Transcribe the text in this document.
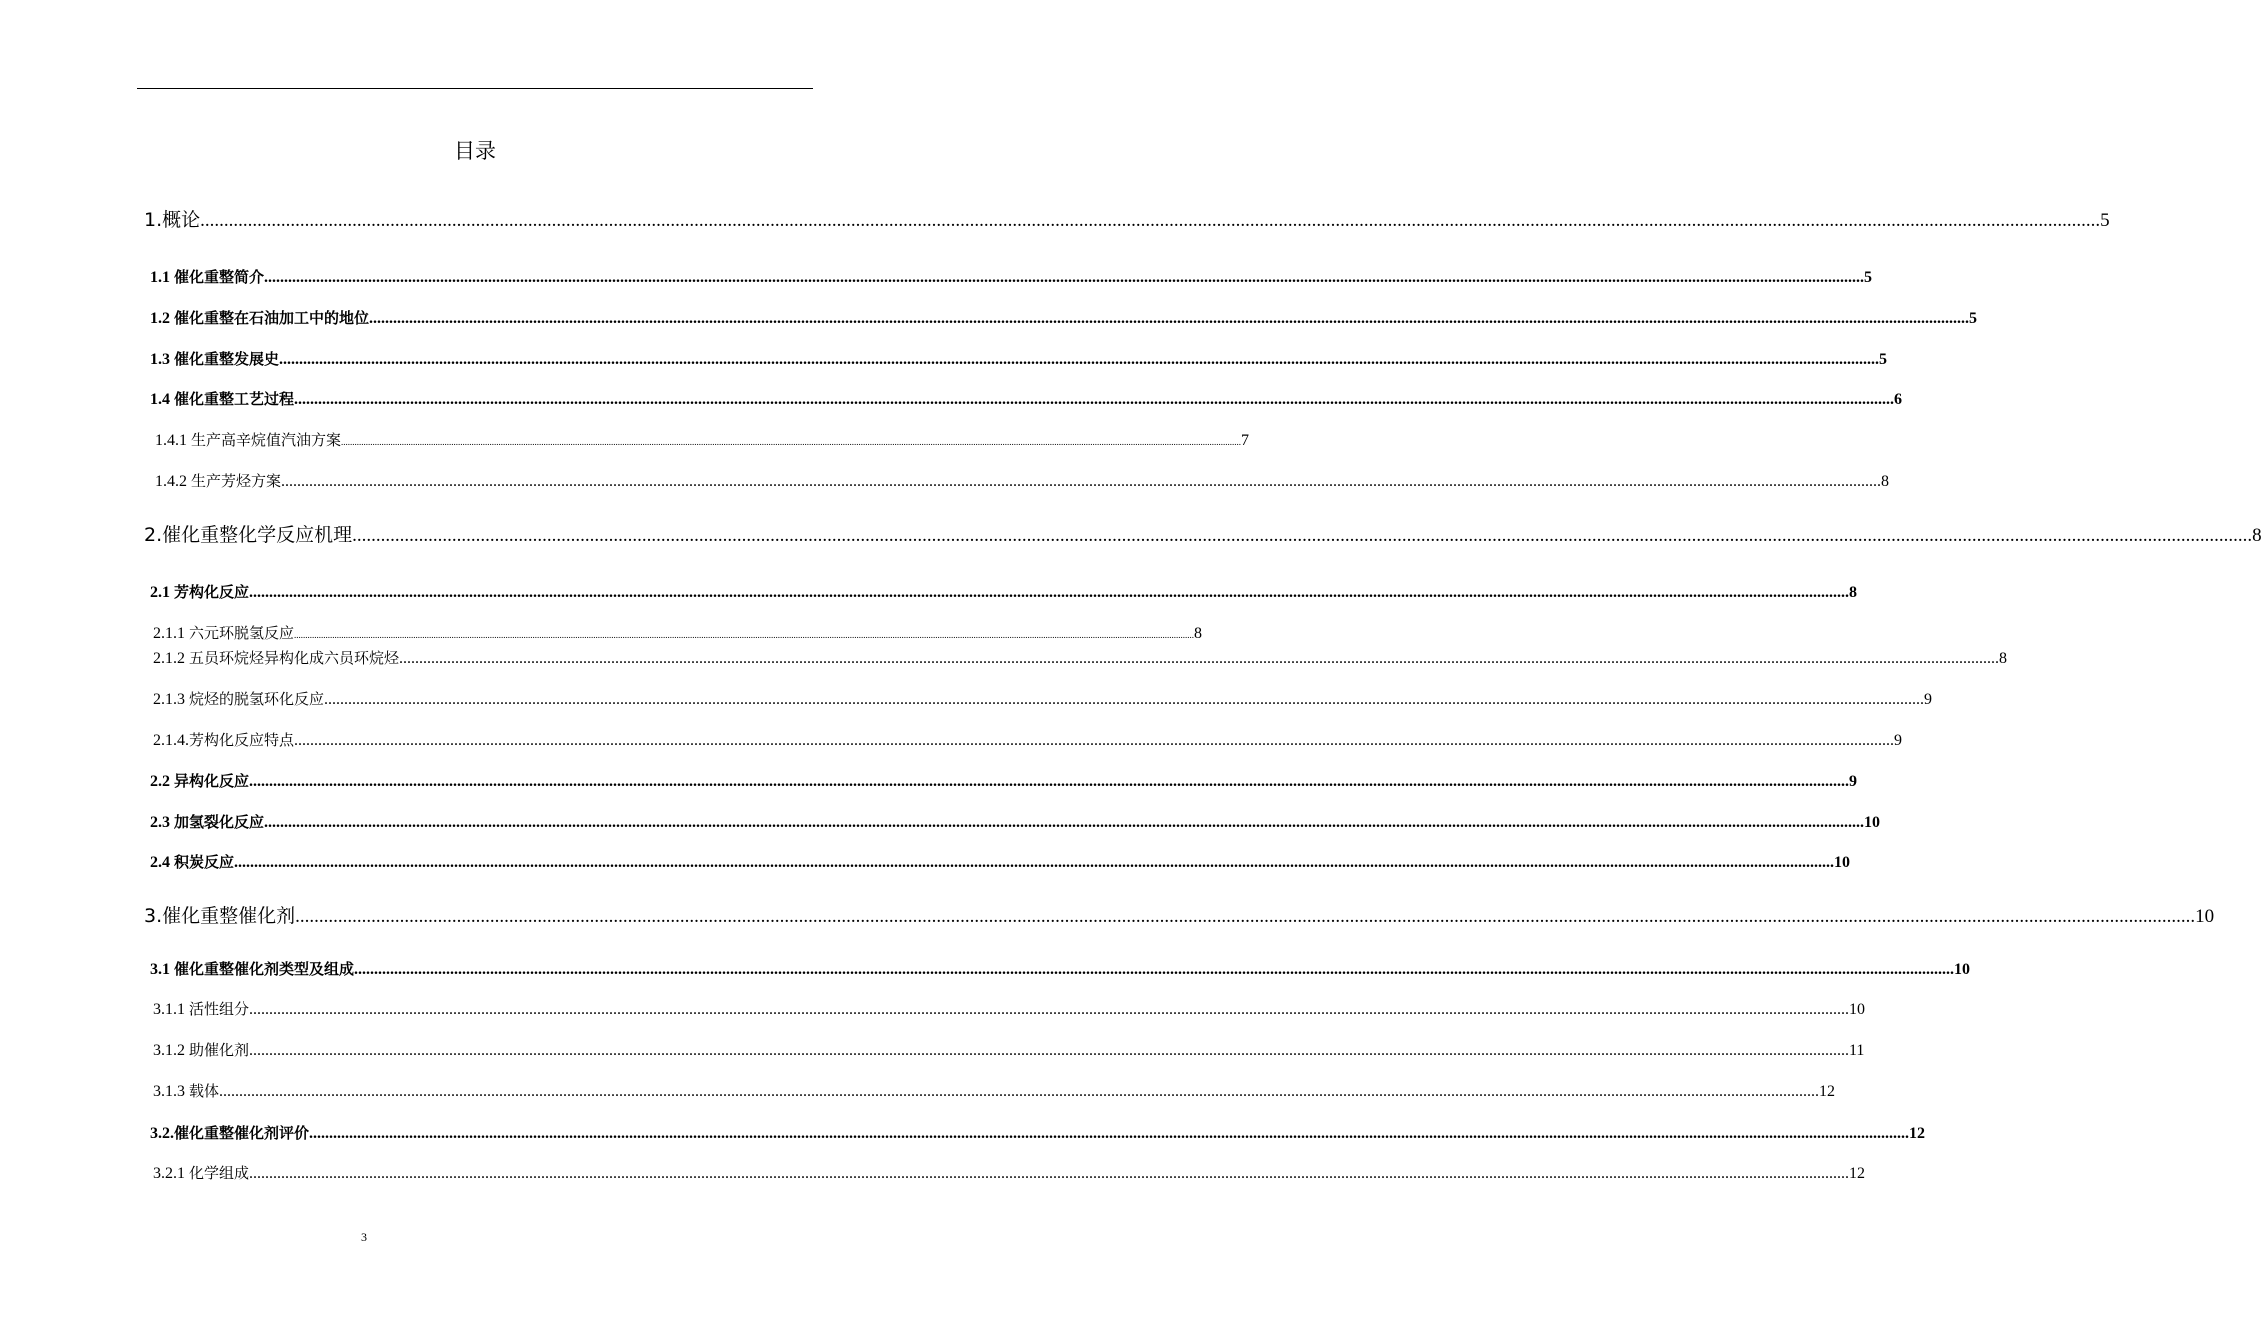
目录
1.概论 ................................................................................................................................................................................................................................................................................................................................................................................................................ 5
1.1 催化重整简介 ................................................................................................................................................................................................................................................................................................................................................................................................................ 5
1.2 催化重整在石油加工中的地位 ................................................................................................................................................................................................................................................................................................................................................................................................................ 5
1.3 催化重整发展史 ................................................................................................................................................................................................................................................................................................................................................................................................................ 5
1.4 催化重整工艺过程 ................................................................................................................................................................................................................................................................................................................................................................................................................ 6
1.4.1 生产高辛烷值汽油方案 ................................................................................................................................................................................................................................................................................................................................................................................................................ 7
1.4.2 生产芳烃方案 ................................................................................................................................................................................................................................................................................................................................................................................................................ 8
2.催化重整化学反应机理 ................................................................................................................................................................................................................................................................................................................................................................................................................ 8
2.1 芳构化反应 ................................................................................................................................................................................................................................................................................................................................................................................................................ 8
2.1.1 六元环脱氢反应 ................................................................................................................................................................................................................................................................................................................................................................................................................ 8
2.1.2 五员环烷烃异构化成六员环烷烃 ................................................................................................................................................................................................................................................................................................................................................................................................................ 8
2.1.3 烷烃的脱氢环化反应 ................................................................................................................................................................................................................................................................................................................................................................................................................ 9
2.1.4.芳构化反应特点 ................................................................................................................................................................................................................................................................................................................................................................................................................ 9
2.2 异构化反应 ................................................................................................................................................................................................................................................................................................................................................................................................................ 9
2.3 加氢裂化反应 ................................................................................................................................................................................................................................................................................................................................................................................................................ 10
2.4 积炭反应 ................................................................................................................................................................................................................................................................................................................................................................................................................ 10
3.催化重整催化剂 ................................................................................................................................................................................................................................................................................................................................................................................................................ 10
3.1 催化重整催化剂类型及组成 ................................................................................................................................................................................................................................................................................................................................................................................................................ 10
3.1.1 活性组分 ................................................................................................................................................................................................................................................................................................................................................................................................................ 10
3.1.2 助催化剂 ................................................................................................................................................................................................................................................................................................................................................................................................................ 11
3.1.3 载体 ................................................................................................................................................................................................................................................................................................................................................................................................................ 12
3.2.催化重整催化剂评价 ................................................................................................................................................................................................................................................................................................................................................................................................................ 12
3.2.1 化学组成 ................................................................................................................................................................................................................................................................................................................................................................................................................ 12
3
